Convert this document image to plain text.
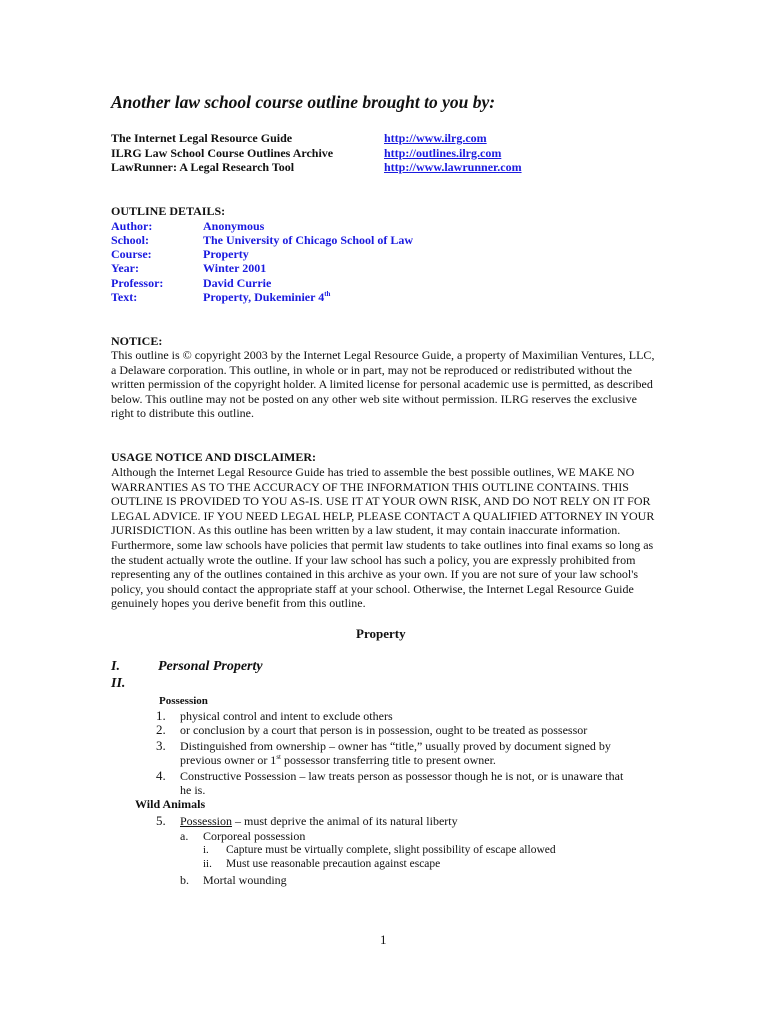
Another law school course outline brought to you by:
The Internet Legal Resource Guide	http://www.ilrg.com
ILRG Law School Course Outlines Archive	http://outlines.ilrg.com
LawRunner: A Legal Research Tool	http://www.lawrunner.com
OUTLINE DETAILS:
Author:	Anonymous
School:	The University of Chicago School of Law
Course:	Property
Year:	Winter 2001
Professor:	David Currie
Text:	Property, Dukeminier 4th
NOTICE:
This outline is © copyright 2003 by the Internet Legal Resource Guide, a property of Maximilian Ventures, LLC, a Delaware corporation. This outline, in whole or in part, may not be reproduced or redistributed without the written permission of the copyright holder. A limited license for personal academic use is permitted, as described below. This outline may not be posted on any other web site without permission. ILRG reserves the exclusive right to distribute this outline.
USAGE NOTICE AND DISCLAIMER:
Although the Internet Legal Resource Guide has tried to assemble the best possible outlines, WE MAKE NO WARRANTIES AS TO THE ACCURACY OF THE INFORMATION THIS OUTLINE CONTAINS. THIS OUTLINE IS PROVIDED TO YOU AS-IS. USE IT AT YOUR OWN RISK, AND DO NOT RELY ON IT FOR LEGAL ADVICE. IF YOU NEED LEGAL HELP, PLEASE CONTACT A QUALIFIED ATTORNEY IN YOUR JURISDICTION. As this outline has been written by a law student, it may contain inaccurate information. Furthermore, some law schools have policies that permit law students to take outlines into final exams so long as the student actually wrote the outline. If your law school has such a policy, you are expressly prohibited from representing any of the outlines contained in this archive as your own. If you are not sure of your law school's policy, you should contact the appropriate staff at your school. Otherwise, the Internet Legal Resource Guide genuinely hopes you derive benefit from this outline.
Property
I.	Personal Property
II.
Possession
1. physical control and intent to exclude others
2. or conclusion by a court that person is in possession, ought to be treated as possessor
3. Distinguished from ownership – owner has “title,” usually proved by document signed by
previous owner or 1st possessor transferring title to present owner.
4. Constructive Possession – law treats person as possessor though he is not, or is unaware that
he is.
Wild Animals
5. Possession – must deprive the animal of its natural liberty
a. Corporeal possession
i. Capture must be virtually complete, slight possibility of escape allowed
ii. Must use reasonable precaution against escape
b. Mortal wounding
1
